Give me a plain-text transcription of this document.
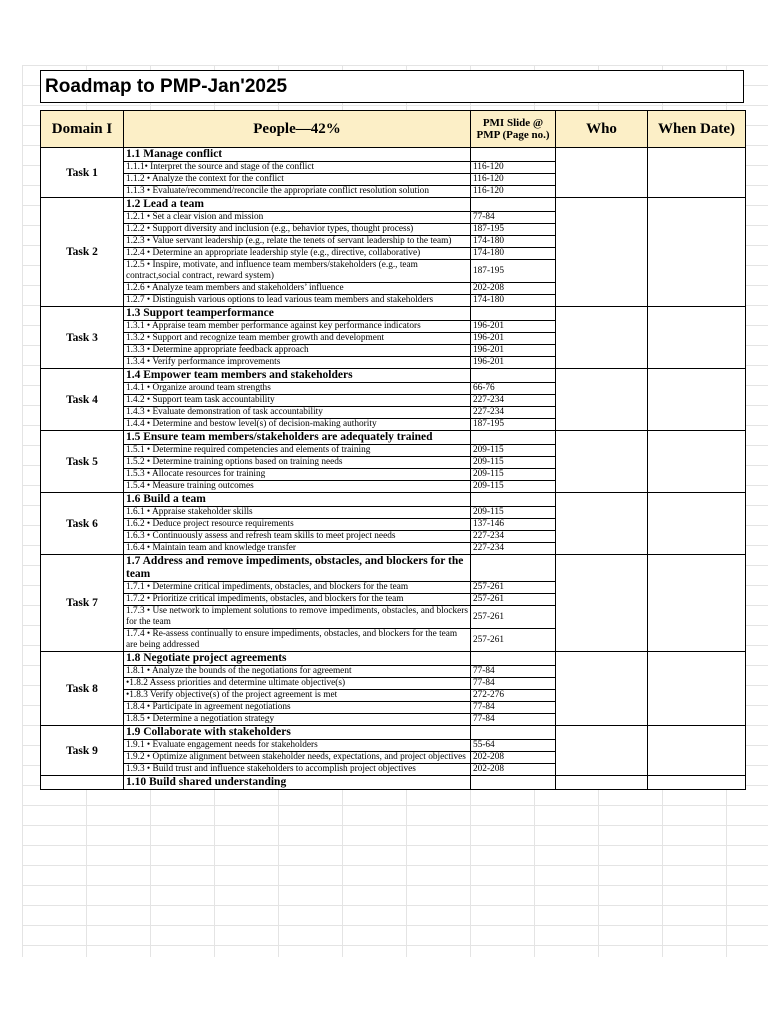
Roadmap to PMP-Jan'2025
Domain I	People—42%	PMI Slide @ PMP (Page no.)	Who	When Date)
Task 1	1.1 Manage conflict			
	1.1.1• Interpret the source and stage of the conflict	116-120		
	1.1.2 • Analyze the context for the conflict	116-120		
	1.1.3 • Evaluate/recommend/reconcile the appropriate conflict resolution solution	116-120		
Task 2	1.2 Lead a team			
	1.2.1 • Set a clear vision and mission	77-84		
	1.2.2 • Support diversity and inclusion (e.g., behavior types, thought process)	187-195		
	1.2.3 • Value servant leadership (e.g., relate the tenets of servant leadership to the team)	174-180		
	1.2.4 • Determine an appropriate leadership style (e.g., directive, collaborative)	174-180		
	1.2.5 • Inspire, motivate, and influence team members/stakeholders (e.g., team contract,social contract, reward system)	187-195		
	1.2.6 • Analyze team members and stakeholders’ influence	202-208		
	1.2.7 • Distinguish various options to lead various team members and stakeholders	174-180		
Task 3	1.3 Support teamperformance			
	1.3.1 • Appraise team member performance against key performance indicators	196-201		
	1.3.2 • Support and recognize team member growth and development	196-201		
	1.3.3 • Determine appropriate feedback approach	196-201		
	1.3.4 • Verify performance improvements	196-201		
Task 4	1.4 Empower team members and stakeholders			
	1.4.1 • Organize around team strengths	66-76		
	1.4.2 • Support team task accountability	227-234		
	1.4.3 • Evaluate demonstration of task accountability	227-234		
	1.4.4 • Determine and bestow level(s) of decision-making authority	187-195		
Task 5	1.5 Ensure team members/stakeholders are adequately trained			
	1.5.1 • Determine required competencies and elements of training	209-115		
	1.5.2 • Determine training options based on training needs	209-115		
	1.5.3 • Allocate resources for training	209-115		
	1.5.4 • Measure training outcomes	209-115		
Task 6	1.6 Build a team			
	1.6.1 • Appraise stakeholder skills	209-115		
	1.6.2 • Deduce project resource requirements	137-146		
	1.6.3 • Continuously assess and refresh team skills to meet project needs	227-234		
	1.6.4 • Maintain team and knowledge transfer	227-234		
Task 7	1.7 Address and remove impediments, obstacles, and blockers for the team			
	1.7.1 • Determine critical impediments, obstacles, and blockers for the team	257-261		
	1.7.2 • Prioritize critical impediments, obstacles, and blockers for the team	257-261		
	1.7.3 • Use network to implement solutions to remove impediments, obstacles, and blockers for the team	257-261		
	1.7.4 • Re-assess continually to ensure impediments, obstacles, and blockers for the team are being addressed	257-261		
Task 8	1.8 Negotiate project agreements			
	1.8.1 • Analyze the bounds of the negotiations for agreement	77-84		
	•1.8.2 Assess priorities and determine ultimate objective(s)	77-84		
	•1.8.3 Verify objective(s) of the project agreement is met	272-276		
	1.8.4 • Participate in agreement negotiations	77-84		
	1.8.5 • Determine a negotiation strategy	77-84		
Task 9	1.9 Collaborate with stakeholders			
	1.9.1 • Evaluate engagement needs for stakeholders	55-64		
	1.9.2 • Optimize alignment between stakeholder needs, expectations, and project objectives	202-208		
	1.9.3 • Build trust and influence stakeholders to accomplish project objectives	202-208		
	1.10 Build shared understanding			
